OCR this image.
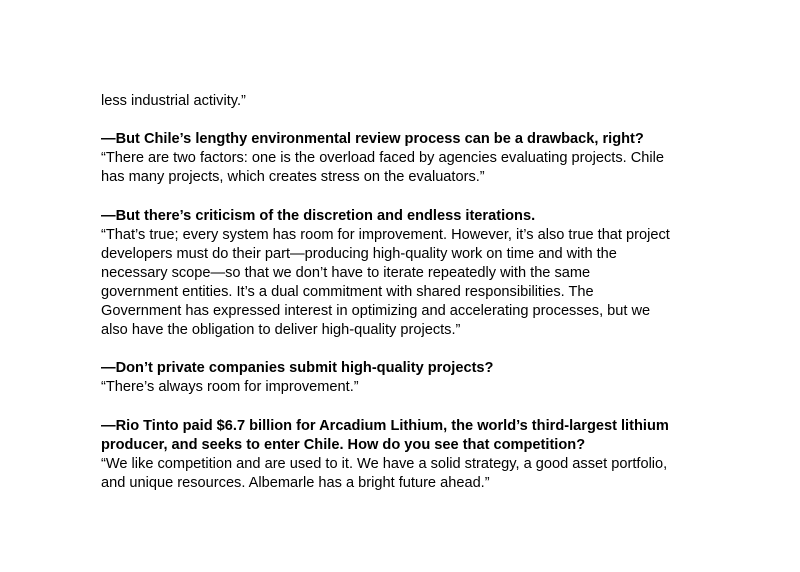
less industrial activity.”

—But Chile’s lengthy environmental review process can be a drawback, right?

“There are two factors: one is the overload faced by agencies evaluating projects. Chile
has many projects, which creates stress on the evaluators.”

—But there’s criticism of the discretion and endless iterations.

“That’s true; every system has room for improvement. However, it’s also true that project
developers must do their part—producing high-quality work on time and with the
necessary scope—so that we don’t have to iterate repeatedly with the same
government entities. It’s a dual commitment with shared responsibilities. The
Government has expressed interest in optimizing and accelerating processes, but we
also have the obligation to deliver high-quality projects.”

—Don’t private companies submit high-quality projects?

“There’s always room for improvement.”

—Rio Tinto paid $6.7 billion for Arcadium Lithium, the world’s third-largest lithium
producer, and seeks to enter Chile. How do you see that competition?

“We like competition and are used to it. We have a solid strategy, a good asset portfolio,
and unique resources. Albemarle has a bright future ahead.”
